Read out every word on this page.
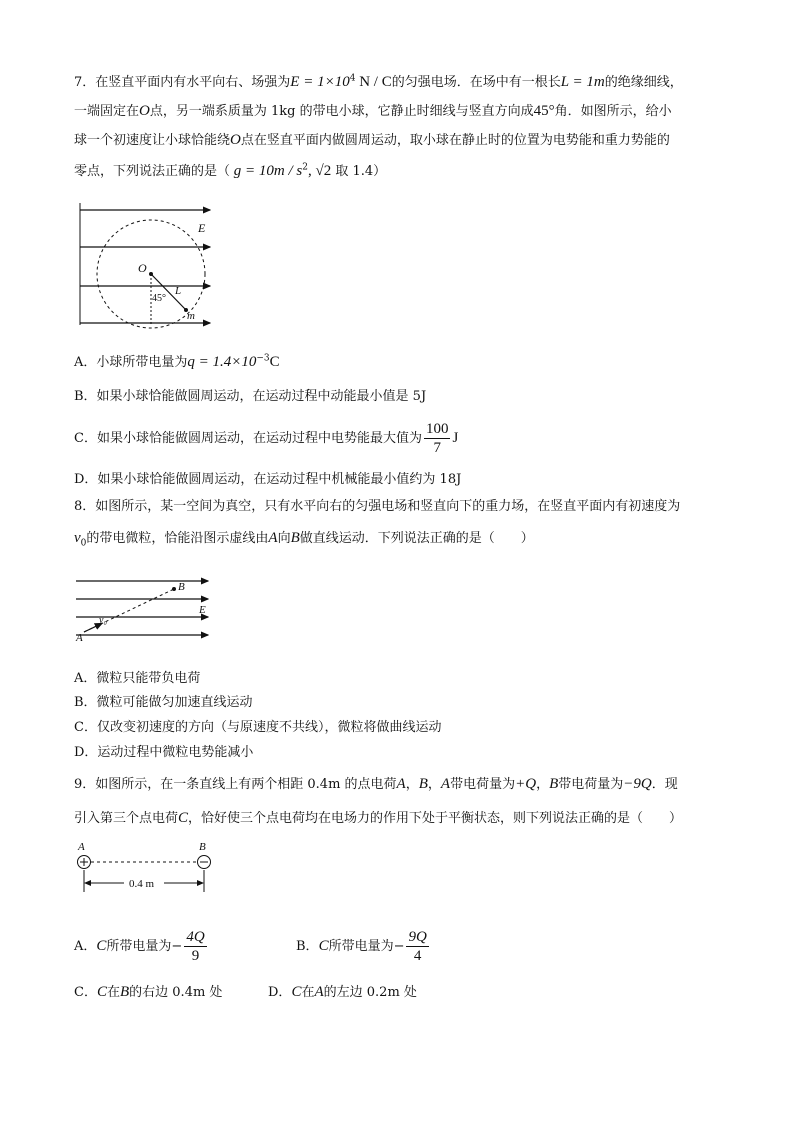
7．在竖直平面内有水平向右、场强为$E = 1\times 10^4$ N / C的匀强电场．在场中有一根长L = 1m的绝缘细线，
一端固定在O点，另一端系质量为 1kg 的带电小球，它静止时细线与竖直方向成45°角．如图所示，给小
球一个初速度让小球恰能绕O点在竖直平面内做圆周运动，取小球在静止时的位置为电势能和重力势能的
零点，下列说法正确的是（ $g = 10m / s^2$, √2 取 1.4）
E
O
L
m
45°
A．小球所带电量为$q = 1.4\times 10^{-3}C$
B．如果小球恰能做圆周运动，在运动过程中动能最小值是 5J
C．如果小球恰能做圆周运动，在运动过程中电势能最大值为 $\frac{100}{7}$ J
D．如果小球恰能做圆周运动，在运动过程中机械能最小值约为 18J
8．如图所示，某一空间为真空，只有水平向右的匀强电场和竖直向下的重力场，在竖直平面内有初速度为
$v_0$的带电微粒，恰能沿图示虚线由A向B做直线运动．下列说法正确的是（　　）
A
B
E
v₀
A．微粒只能带负电荷
B．微粒可能做匀加速直线运动
C．仅改变初速度的方向（与原速度不共线），微粒将做曲线运动
D．运动过程中微粒电势能减小
9．如图所示，在一条直线上有两个相距 0.4m 的点电荷A，B，A带电荷量为+Q，B带电荷量为−9Q．现
引入第三个点电荷C，恰好使三个点电荷均在电场力的作用下处于平衡状态，则下列说法正确的是（　　）
A	B
0.4 m
A．C所带电量为− $\frac{4Q}{9}$	B．C所带电量为− $\frac{9Q}{4}$
C．C在B的右边 0.4m 处	D．C在A的左边 0.2m 处
